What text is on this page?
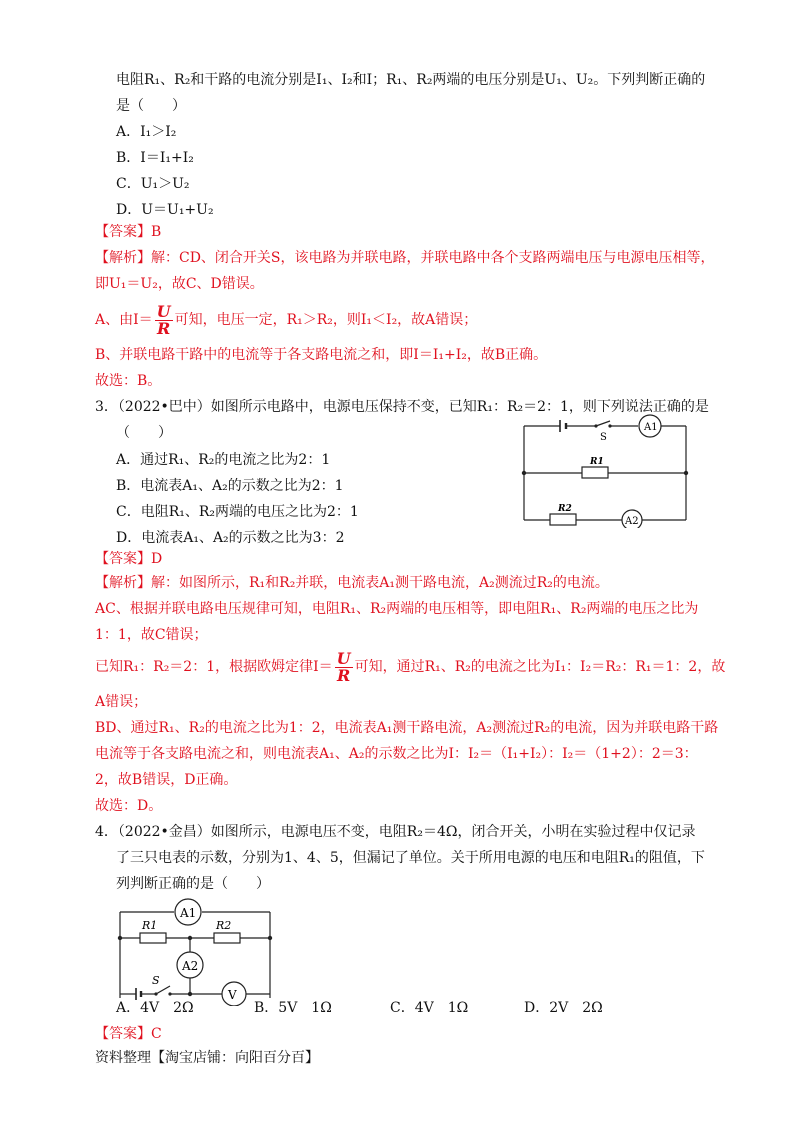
电阻R₁、R₂和干路的电流分别是I₁、I₂和I；R₁、R₂两端的电压分别是U₁、U₂。下列判断正确的
是（　　）
A．I₁＞I₂
B．I＝I₁+I₂
C．U₁＞U₂
D．U＝U₁+U₂
【答案】B
【解析】解：CD、闭合开关S，该电路为并联电路，并联电路中各个支路两端电压与电源电压相等，
即U₁＝U₂，故C、D错误。
A、由$I= \frac{U}{R}$ 可知，电压一定，R₁＞R₂，则I₁＜I₂，故A错误；
B、并联电路干路中的电流等于各支路电流之和，即I＝I₁+I₂，故B正确。
故选：B。
3．（2022•巴中）如图所示电路中，电源电压保持不变，已知R₁：R₂＝2：1，则下列说法正确的是
（　　）
A．通过R₁、R₂的电流之比为2：1
B．电流表A₁、A₂的示数之比为2：1
C．电阻R₁、R₂两端的电压之比为2：1
D．电流表A₁、A₂的示数之比为3：2
S
A1
R1
R2
A2
【答案】D
【解析】解：如图所示，R₁和R₂并联，电流表A₁测干路电流，A₂测流过R₂的电流。
AC、根据并联电路电压规律可知，电阻R₁、R₂两端的电压相等，即电阻R₁、R₂两端的电压之比为
1：1，故C错误；
已知R₁：R₂＝2：1，根据欧姆定律$I= \frac{U}{R}$ 可知，通过R₁、R₂的电流之比为I₁：I₂＝R₂：R₁＝1：2，故
A错误；
BD、通过R₁、R₂的电流之比为1：2，电流表A₁测干路电流，A₂测流过R₂的电流，因为并联电路干路
电流等于各支路电流之和，则电流表A₁、A₂的示数之比为I：I₂＝（I₁+I₂）：I₂＝（1+2）：2＝3：
2，故B错误，D正确。
故选：D。
4．（2022•金昌）如图所示，电源电压不变，电阻R₂＝4Ω，闭合开关，小明在实验过程中仅记录
了三只电表的示数，分别为1、4、5，但漏记了单位。关于所用电源的电压和电阻R₁的阻值，下
列判断正确的是（　　）
A1
R1	R2
A2
V
S
A．4V　2Ω	B．5V　1Ω	C．4V　1Ω	D．2V　2Ω
【答案】C
资料整理【淘宝店铺：向阳百分百】
